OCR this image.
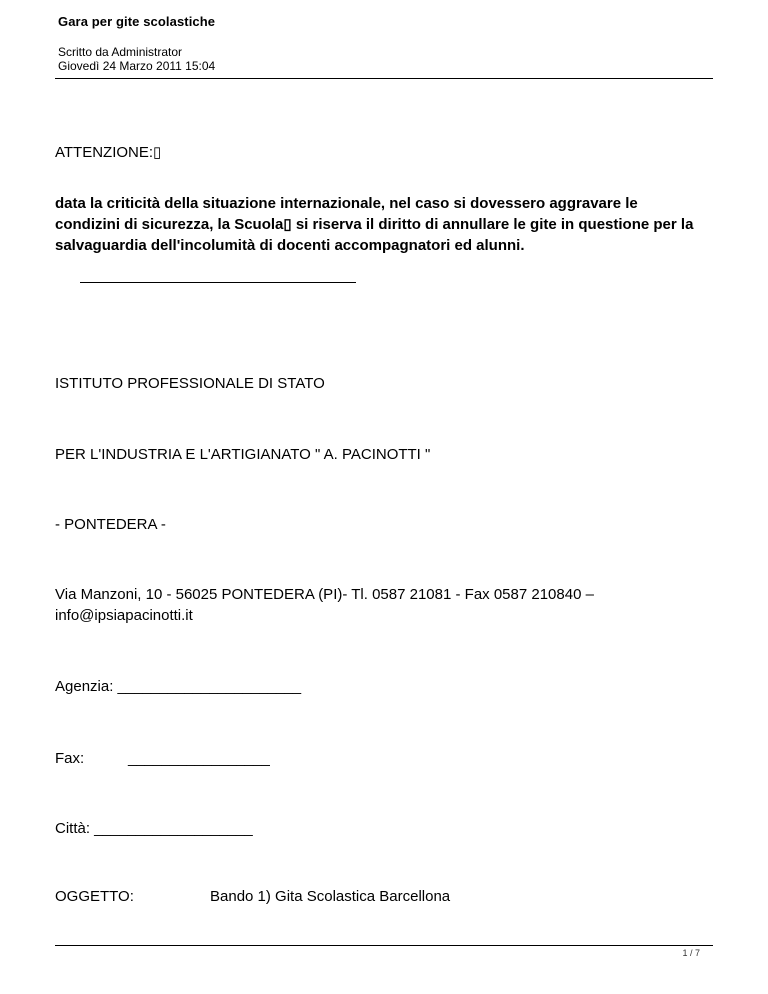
Gara per gite scolastiche
Scritto da Administrator
Giovedì 24 Marzo 2011 15:04
ATTENZIONE:▯
data la criticità della situazione internazionale, nel caso si dovessero aggravare le condizini di sicurezza, la Scuola▯ si riserva il diritto di annullare le gite in questione per la salvaguardia dell'incolumità di docenti accompagnatori ed alunni.
ISTITUTO PROFESSIONALE DI STATO
PER L'INDUSTRIA E L'ARTIGIANATO " A. PACINOTTI "
- PONTEDERA -
Via Manzoni, 10 - 56025 PONTEDERA (PI)- Tl. 0587 21081 - Fax 0587 210840 – info@ipsiapacinotti.it
Agenzia: ______________________
Fax:	_________________
Città: ___________________
OGGETTO:	Bando 1) Gita Scolastica Barcellona
1 / 7
